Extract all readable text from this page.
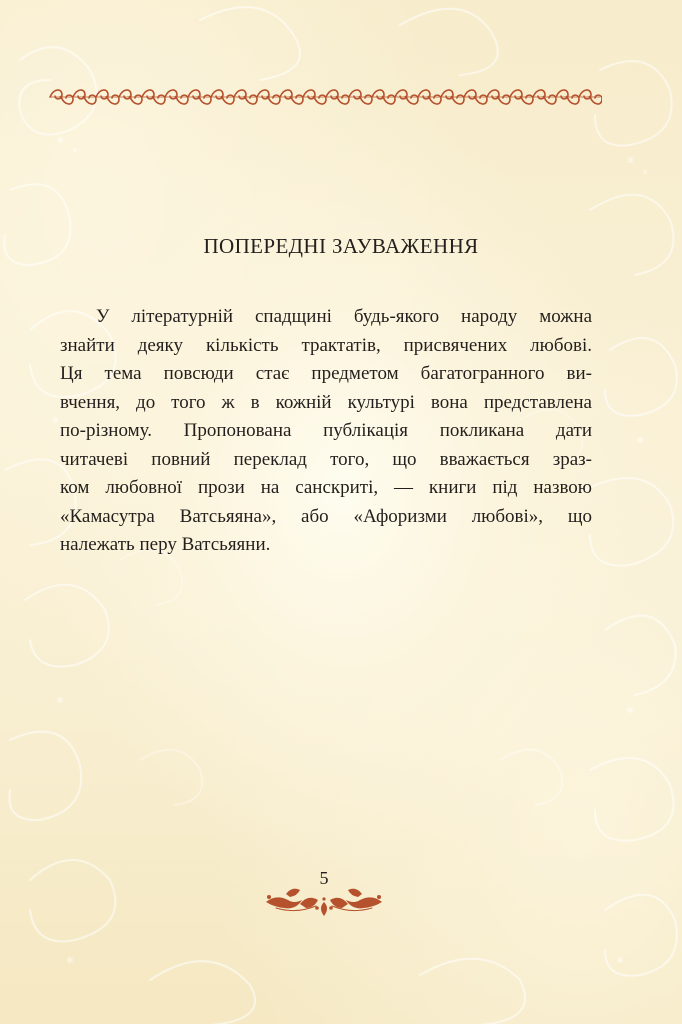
ПОПЕРЕДНІ ЗАУВАЖЕННЯ

У літературній спадщині будь-якого народу можна
знайти деяку кількість трактатів, присвячених любові.
Ця тема повсюди стає предметом багатогранного ви-
вчення, до того ж в кожній культурі вона представлена
по-різному. Пропонована публікація покликана дати
читачеві повний переклад того, що вважається зраз-
ком любовної прози на санскриті, — книги під назвою
«Камасутра Ватсьяяна», або «Афоризми любові», що
належать перу Ватсьяяни.

5
